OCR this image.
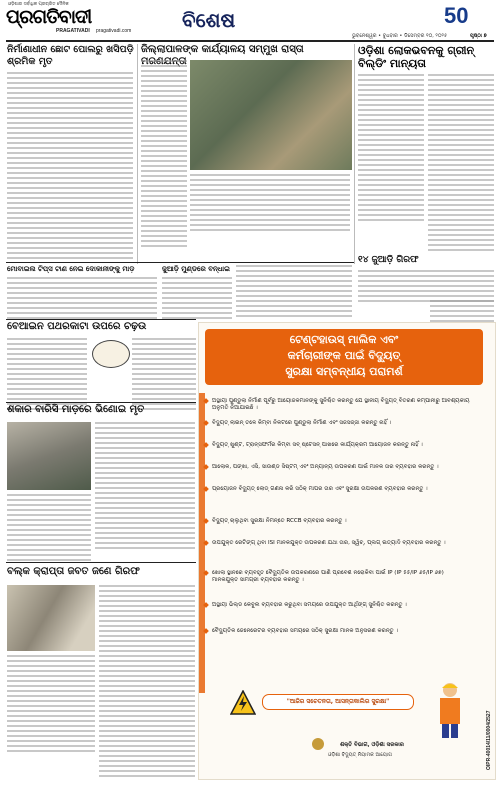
ଓଡ଼ିଶାର ସର୍ବାଧିକ ପ୍ରଚାରିତ ଦୈନିକ
ପ୍ରଗତିବାଦୀ
PRAGATIVADI pragativadi.com	ବିଶେଷ	50
ଭୁବନେଶ୍ୱର • ବୁଧବାର • ଡିସେମ୍ବର ୧୦, ୨୦୨୫	ପୃଷ୍ଠା ୭
ନିର୍ମାଣାଧୀନ ଛୋଟ ପୋଲରୁ ଖସିପଡ଼ି ଶ୍ରମିକ ମୃତ
ଜିଲ୍ଲାପାଳଙ୍କ କାର୍ଯ୍ୟାଳୟ ସମ୍ମୁଖ ରାସ୍ତା	ଓଡ଼ିଶା ଲୋକଭବନକୁ ଗ୍ରୀନ୍ ବିଲ୍ଡିଂ ମାନ୍ୟତା
ମୋବାଇଲ ଟିପ୍ସ ଟାଣ ନେଇ ଦୋକାନୀଙ୍କୁ ମାଡ଼	ଜୁଆଡ଼ି ମୁଣ୍ଡରେ ବନ୍ଧାଇ
୧୪ ଜୁଆଡ଼ି ଗିରଫ
ବେଆଇନ ପଥରକାଟା ଉପରେ ଚଢ଼ଉ
ଶକାର ବାରିସି ମାଡ଼ରେ ଭିଣୋଇ ମୃତ
ବଲ୍କ କ୍ରାପ୍ତା ଜବତ ଜଣେ ଗିରଫ
ଟେଣ୍ଟହାଉସ୍ ମାଲିକ ଏବଂ
କର୍ମଚାରୀଙ୍କ ପାଇଁ ବିଦ୍ୟୁତ୍
ସୁରକ୍ଷା ସମ୍ବନ୍ଧୀୟ ପରାମର୍ଶ
ଅସ୍ଥାୟୀ ପୁଣ୍ଡୁଲା ନିର୍ମାଣ ପୂର୍ବରୁ ଆୟୋଜକମାନଙ୍କୁ ସୁନିଶ୍ଚିତ କରନ୍ତୁ ଯେ ସ୍ଥାନୀୟ ବିଦ୍ୟୁତ୍ ବିତରଣ କମ୍ପାନୀରୁ ଆବଶ୍ୟକୀୟ ଅନୁମତି ନିଆଯାଇଛି ।
ବିଦ୍ୟୁତ୍ ଲାଇନ୍ ତଳେ କିମ୍ବା ନିକଟରେ ପୁଣ୍ଡୁଲା ନିର୍ମାଣ ଏବଂ ସଜସଜ୍ଜା କରନ୍ତୁ ନାହିଁ ।
ବିଦ୍ୟୁତ୍ ଖୁଣ୍ଟ, ଟ୍ରାନ୍ସଫର୍ମର କିମ୍ବା ସବ୍ ଷ୍ଟେସନ୍ ପାଖରେ କାର୍ଯ୍ୟକ୍ରମ ଆୟୋଜନ କରନ୍ତୁ ନାହିଁ ।
ଆଲୋକ, ପଙ୍ଖା, ଏସି, ସାଉଣ୍ଡ ସିଷ୍ଟମ୍ ଏବଂ ଅନ୍ୟାନ୍ୟ ଉପକରଣ ପାଇଁ ମାନକ ତାର ବ୍ୟବହାର କରନ୍ତୁ ।
ପ୍ରୟୋଜନ ବିଦ୍ୟୁତ୍ ଲୋଡ୍ ଗଣନା କରି ସଠିକ୍ ମାପର ତାର ଏବଂ ସୁରକ୍ଷା ଉପକରଣ ବ୍ୟବହାର କରନ୍ତୁ ।
ବିଦ୍ୟୁତ୍ ଚାଲୁଥିବା ସୁରକ୍ଷା ନିମନ୍ତେ RCCB ବ୍ୟବହାର କରନ୍ତୁ ।
ଉପଯୁକ୍ତ ରେଟିଙ୍ଗ୍ ଥିବା ISI ମାନକଯୁକ୍ତ ଉପକରଣ ଯଥା ତାର, ସ୍ୱିଚ୍, ପ୍ଲଗ୍ ଇତ୍ୟାଦି ବ୍ୟବହାର କରନ୍ତୁ ।
ଖୋଲା ସ୍ଥାନରେ ବ୍ୟବହୃତ ବୈଦ୍ୟୁତିକ ଉପକରଣରେ ପାଣି ପ୍ରବେଶ ନରୋକିବା ପାଇଁ IP (IP ୫୫/IP ୬୫/IP ୬୭) ମାନକଯୁକ୍ତ ସାମଗ୍ରୀ ବ୍ୟବହାର କରନ୍ତୁ ।
ଅସ୍ଥାୟୀ ଭିଲ୍ଡ କେବୁଲ ବ୍ୟବହାର କରୁଥିବା ସମୟରେ ଉପଯୁକ୍ତ ଆର୍ଥିଙ୍ଗ୍ ସୁନିଶ୍ଚିତ କରନ୍ତୁ ।
ବୈଦ୍ୟୁତିକ ଜେନେରେଟର ବ୍ୟବହାର ସମୟରେ ସଠିକ୍ ସୁରକ୍ଷା ମାନକ ଅନୁସରଣ କରନ୍ତୁ ।
"ଆଜିର ସଚେତନତା, ଆସନ୍ତାକାଲିର ସୁରକ୍ଷା"
ଶକ୍ତି ବିଭାଗ, ଓଡ଼ିଶା ସରକାର
ଓଡ଼ିଶା ବିଦ୍ୟୁତ୍ ନିୟାମକ ଆୟୋଗ	OIPR-40014/11/0004/2527
